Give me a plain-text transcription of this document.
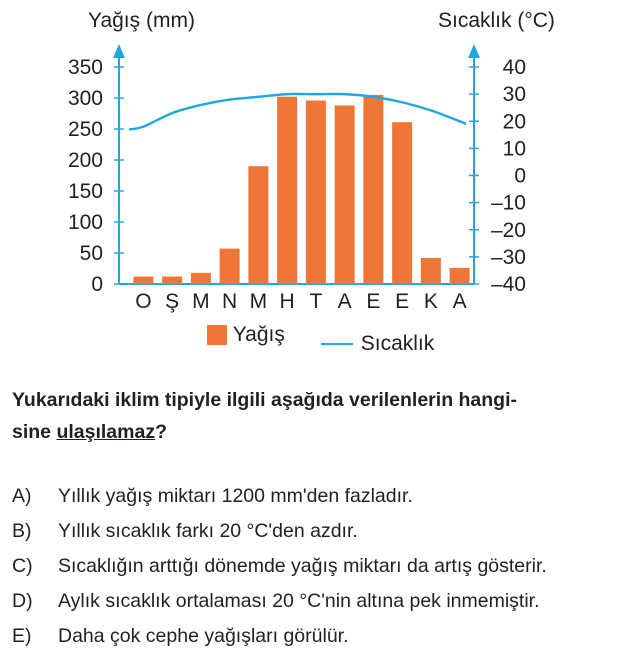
0
50
100
150
200
250
300
350	40
30
20
10
0
–10
–20
–30
–40
O Ş M N M H T A E E K A
Yağış (mm)	Sıcaklık (°C)
Yağış
	Sıcaklık
Yukarıdaki iklim tipiyle ilgili aşağıda verilenlerin hangi-
sine ulaşılamaz?
A) Yıllık yağış miktarı 1200 mm'den fazladır.
B) Yıllık sıcaklık farkı 20 °C'den azdır.
C) Sıcaklığın arttığı dönemde yağış miktarı da artış gösterir.
D) Aylık sıcaklık ortalaması 20 °C'nin altına pek inmemiştir.
E) Daha çok cephe yağışları görülür.
